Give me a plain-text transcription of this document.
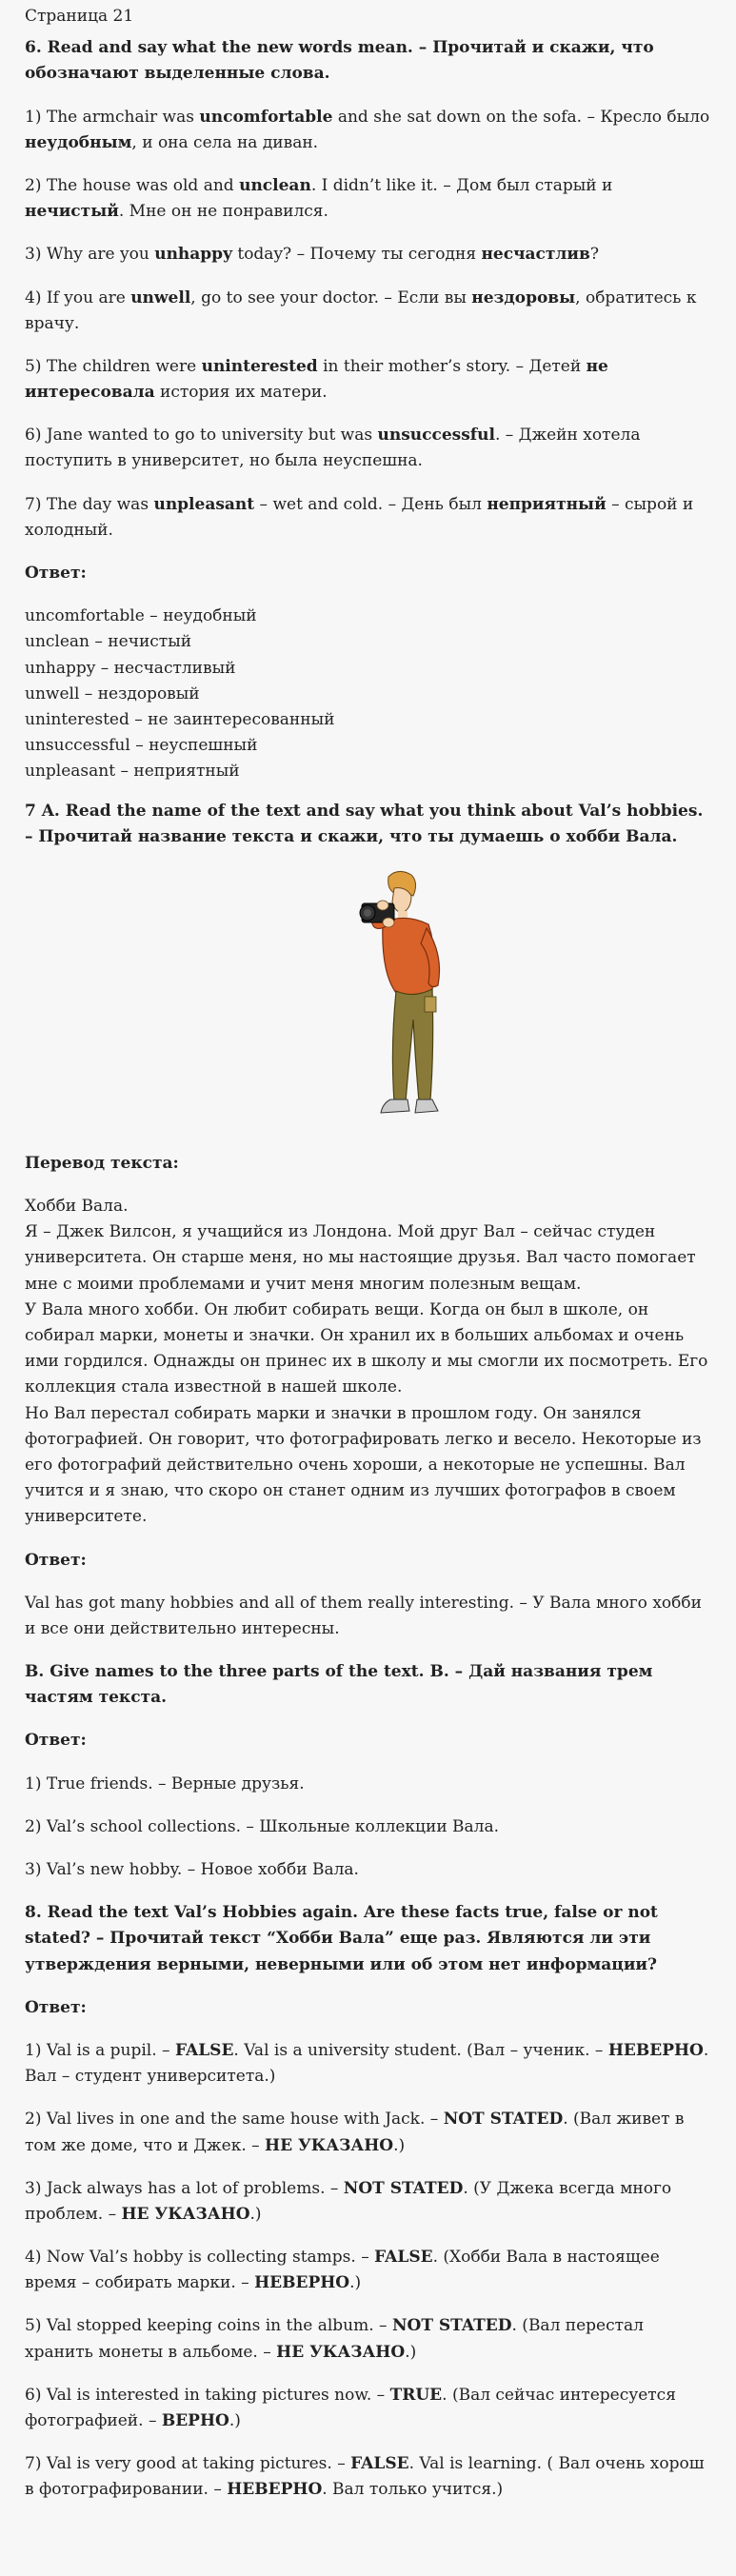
Страница 21

6. Read and say what the new words mean. – Прочитай и скажи, что обозначают выделенные слова.

1) The armchair was uncomfortable and she sat down on the sofa. – Кресло было неудобным, и она села на диван.

2) The house was old and unclean. I didn’t like it. – Дом был старый и нечистый. Мне он не понравился.

3) Why are you unhappy today? – Почему ты сегодня несчастлив?

4) If you are unwell, go to see your doctor. – Если вы нездоровы, обратитесь к врачу.

5) The children were uninterested in their mother’s story. – Детей не интересовала история их матери.

6) Jane wanted to go to university but was unsuccessful. – Джейн хотела поступить в университет, но была неуспешна.

7) The day was unpleasant – wet and cold. – День был неприятный – сырой и холодный.

Ответ:

uncomfortable – неудобный
unclean – нечистый
unhappy – несчастливый
unwell – нездоровый
uninterested – не заинтересованный
unsuccessful – неуспешный
unpleasant – неприятный

7 A. Read the name of the text and say what you think about Val’s hobbies. – Прочитай название текста и скажи, что ты думаешь о хобби Вала.

Перевод текста:

Хобби Вала.
Я – Джек Вилсон, я учащийся из Лондона. Мой друг Вал – сейчас студен университета. Он старше меня, но мы настоящие друзья. Вал часто помогает мне с моими проблемами и учит меня многим полезным вещам.
У Вала много хобби. Он любит собирать вещи. Когда он был в школе, он собирал марки, монеты и значки. Он хранил их в больших альбомах и очень ими гордился. Однажды он принес их в школу и мы смогли их посмотреть. Его коллекция стала известной в нашей школе.
Но Вал перестал собирать марки и значки в прошлом году. Он занялся фотографией. Он говорит, что фотографировать легко и весело. Некоторые из его фотографий действительно очень хороши, а некоторые не успешны. Вал учится и я знаю, что скоро он станет одним из лучших фотографов в своем университете.

Ответ:

Val has got many hobbies and all of them really interesting. – У Вала много хобби и все они действительно интересны.

B. Give names to the three parts of the text. В. – Дай названия трем частям текста.

Ответ:

1) True friends. – Верные друзья.

2) Val’s school collections. – Школьные коллекции Вала.

3) Val’s new hobby. – Новое хобби Вала.

8. Read the text Val’s Hobbies again. Are these facts true, false or not stated? – Прочитай текст “Хобби Вала” еще раз. Являются ли эти утверждения верными, неверными или об этом нет информации?

Ответ:

1) Val is a pupil. – FALSE. Val is a university student. (Вал – ученик. – НЕВЕРНО. Вал – студент университета.)

2) Val lives in one and the same house with Jack. – NOT STATED. (Вал живет в том же доме, что и Джек. – НЕ УКАЗАНО.)

3) Jack always has a lot of problems. – NOT STATED. (У Джека всегда много проблем. – НЕ УКАЗАНО.)

4) Now Val’s hobby is collecting stamps. – FALSE. (Хобби Вала в настоящее время – собирать марки. – НЕВЕРНО.)

5) Val stopped keeping coins in the album. – NOT STATED. (Вал перестал хранить монеты в альбоме. – НЕ УКАЗАНО.)

6) Val is interested in taking pictures now. – TRUE. (Вал сейчас интересуется фотографией. – ВЕРНО.)

7) Val is very good at taking pictures. – FALSE. Val is learning. ( Вал очень хорош в фотографировании. – НЕВЕРНО. Вал только учится.)
